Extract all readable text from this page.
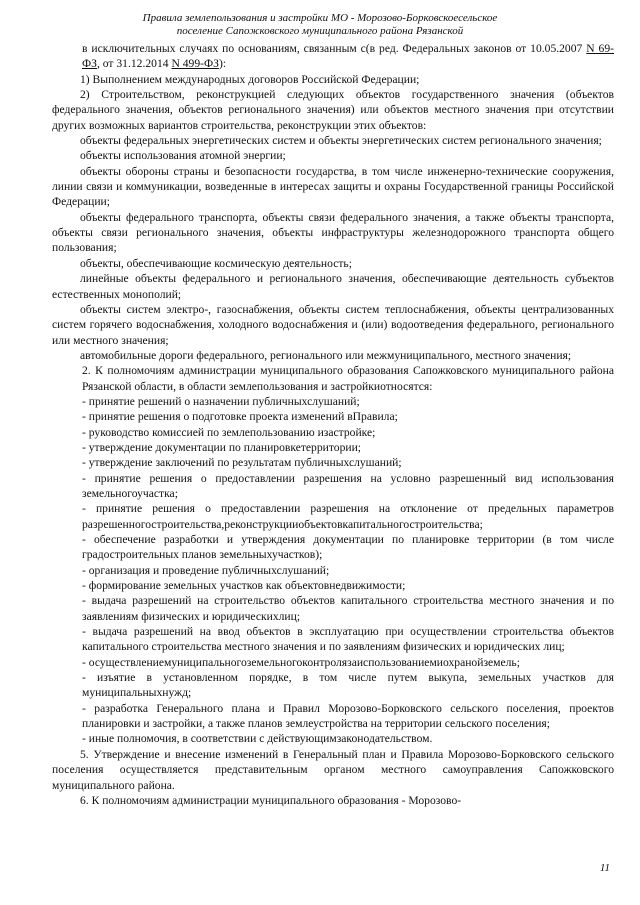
Правила землепользования и застройки МО - Морозово-Борковскоесельское
поселение Сапожковского муниципального района Рязанской

в исключительных случаях по основаниям, связанным с(в ред. Федеральных законов от 10.05.2007 N 69-ФЗ, от 31.12.2014 N 499-ФЗ):

1) Выполнением международных договоров Российской Федерации;

2) Строительством, реконструкцией следующих объектов государственного значения (объектов федерального значения, объектов регионального значения) или объектов местного значения при отсутствии других возможных вариантов строительства, реконструкции этих объектов:

объекты федеральных энергетических систем и объекты энергетических систем регионального значения;

объекты использования атомной энергии;

объекты обороны страны и безопасности государства, в том числе инженерно-технические сооружения, линии связи и коммуникации, возведенные в интересах защиты и охраны Государственной границы Российской Федерации;

объекты федерального транспорта, объекты связи федерального значения, а также объекты транспорта, объекты связи регионального значения, объекты инфраструктуры железнодорожного транспорта общего пользования;

объекты, обеспечивающие космическую деятельность;

линейные объекты федерального и регионального значения, обеспечивающие деятельность субъектов естественных монополий;

объекты систем электро-, газоснабжения, объекты систем теплоснабжения, объекты централизованных систем горячего водоснабжения, холодного водоснабжения и (или) водоотведения федерального, регионального или местного значения;

автомобильные дороги федерального, регионального или межмуниципального, местного значения;

2. К полномочиям администрации муниципального образования Сапожковского муниципального района Рязанской области, в области землепользования и застройкиотносятся:

- принятие решений о назначении публичныхслушаний;

- принятие решения о подготовке проекта изменений вПравила;

- руководство комиссией по землепользованию изастройке;

- утверждение документации по планировкетерритории;

- утверждение заключений по результатам публичныхслушаний;

- принятие решения о предоставлении разрешения на условно разрешенный вид использования земельногоучастка;

- принятие решения о предоставлении разрешения на отклонение от предельных параметров разрешенногостроительства,реконструкцииобъектовкапитальногостроительства;

- обеспечение разработки и утверждения документации по планировке территории (в том числе градостроительных планов земельныхучастков);

- организация и проведение публичныхслушаний;

- формирование земельных участков как объектовнедвижимости;

- выдача разрешений на строительство объектов капитального строительства местного значения и по заявлениям физических и юридическихлиц;

- выдача разрешений на ввод объектов в эксплуатацию при осуществлении строительства объектов капитального строительства местного значения и по заявлениям физических и юридических лиц;

- осуществлениемуниципальногоземельногоконтролязаиспользованиемиохранойземель;

- изъятие в установленном порядке, в том числе путем выкупа, земельных участков для муниципальныхнужд;

- разработка Генерального плана и Правил Морозово-Борковского сельского поселения, проектов планировки и застройки, а также планов землеустройства на территории сельского поселения;

- иные полномочия, в соответствии с действующимзаконодательством.

5. Утверждение и внесение изменений в Генеральный план и Правила Морозово-Борковского сельского поселения осуществляется представительным органом местного самоуправления Сапожковского муниципального района.

6. К полномочиям администрации муниципального образования - Морозово-

11
